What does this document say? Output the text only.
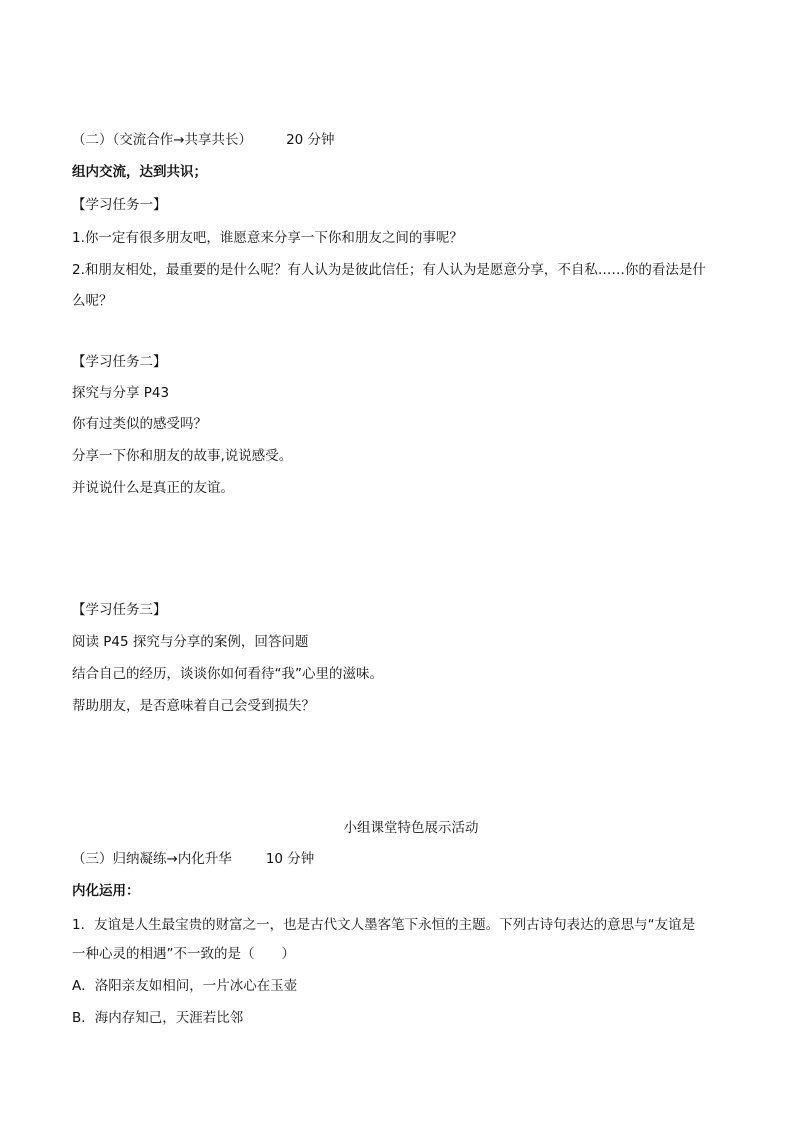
（二）（交流合作→共享共长）	20 分钟
组内交流，达到共识；
【学习任务一】
1.你一定有很多朋友吧，谁愿意来分享一下你和朋友之间的事呢？
2.和朋友相处，最重要的是什么呢？有人认为是彼此信任；有人认为是愿意分享，不自私……你的看法是什
么呢？
【学习任务二】
探究与分享 P43
你有过类似的感受吗？
分享一下你和朋友的故事,说说感受。
并说说什么是真正的友谊。
【学习任务三】
阅读 P45 探究与分享的案例，回答问题
结合自己的经历，谈谈你如何看待“我”心里的滋味。
帮助朋友，是否意味着自己会受到损失？
小组课堂特色展示活动
（三）归纳凝练→内化升华	10 分钟
内化运用：
1．友谊是人生最宝贵的财富之一，也是古代文人墨客笔下永恒的主题。下列古诗句表达的意思与“友谊是
一种心灵的相遇”不一致的是（　　）
A．洛阳亲友如相问，一片冰心在玉壶
B．海内存知己，天涯若比邻
